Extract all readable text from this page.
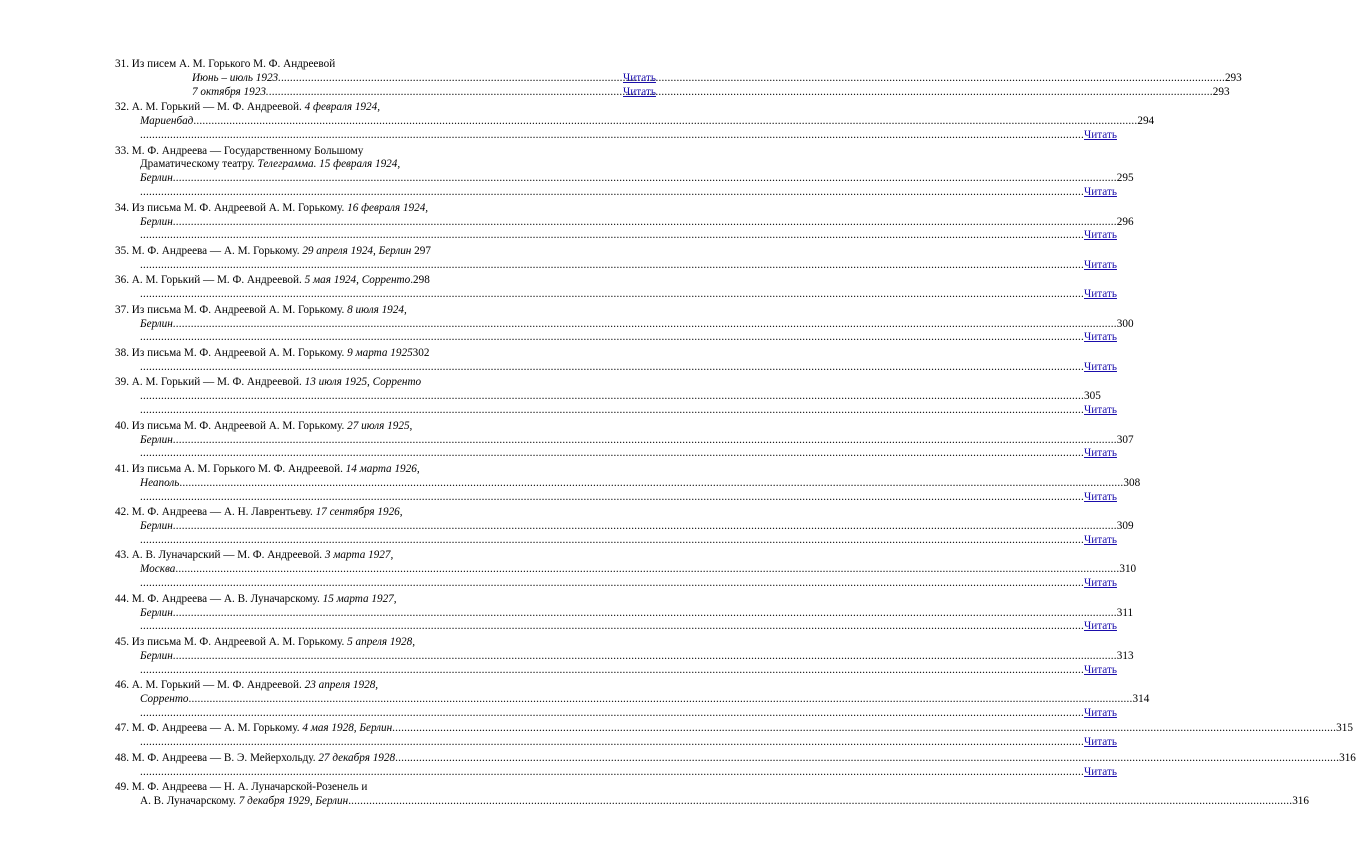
31.
Из писем А. М. Горького М. Ф. Андреевой
Июнь – июль 1923. .....	293
Читать
7 октября 1923. .....	293
Читать
32.
А. М. Горький — М. Ф. Андреевой.
4 февраля 1924,
Мариенбад .....	294
.....
Читать
33.
М. Ф. Андреева — Государственному Большому
Драматическому театру.
Телеграмма. 15 февраля 1924,
Берлин .....	295
.....
Читать
34.
Из письма М. Ф. Андреевой А. М. Горькому.
16 февраля 1924,
Берлин .....	296
.....
Читать
35.
М. Ф. Андреева — А. М. Горькому.
29 апреля 1924, Берлин
297
.....
Читать
36.
А. М. Горький — М. Ф. Андреевой.
5 мая 1924, Сорренто . 298
.....
Читать
37.
Из письма М. Ф. Андреевой А. М. Горькому.
8 июля 1924,
Берлин .....	300
.....
Читать
38.
Из письма М. Ф. Андреевой А. М. Горькому.
9 марта 1925 302
.....
Читать
39.
А. М. Горький — М. Ф. Андреевой.
13 июля 1925, Сорренто
.....
305
.....
Читать
40.
Из письма М. Ф. Андреевой А. М. Горькому.
27 июля 1925,
Берлин .....	307
.....
Читать
41.
Из письма А. М. Горького М. Ф. Андреевой.
14 марта 1926,
Неаполь .....	308
.....
Читать
42.
М. Ф. Андреева — А. Н. Лаврентьеву.
17 сентября 1926,
Берлин .....	309
.....
Читать
43.
А. В. Луначарский — М. Ф. Андреевой.
3 марта 1927,
Москва .....	310
.....
Читать
44.
М. Ф. Андреева — А. В. Луначарскому.
15 марта 1927,
Берлин .....	311
.....
Читать
45.
Из письма М. Ф. Андреевой А. М. Горькому.
5 апреля 1928,
Берлин .....	313
.....
Читать
46.
А. М. Горький — М. Ф. Андреевой.
23 апреля 1928,
Сорренто .....	314
.....
Читать
47.
М. Ф. Андреева — А. М. Горькому.
4 мая 1928, Берлин .....	315
.....
Читать
48.
М. Ф. Андреева — В. Э. Мейерхольду.
27 декабря 1928 .....	316
.....
Читать
49.
М. Ф. Андреева — Н. А. Луначарской-Розенель и
А. В. Луначарскому.
7 декабря 1929, Берлин .....	316
